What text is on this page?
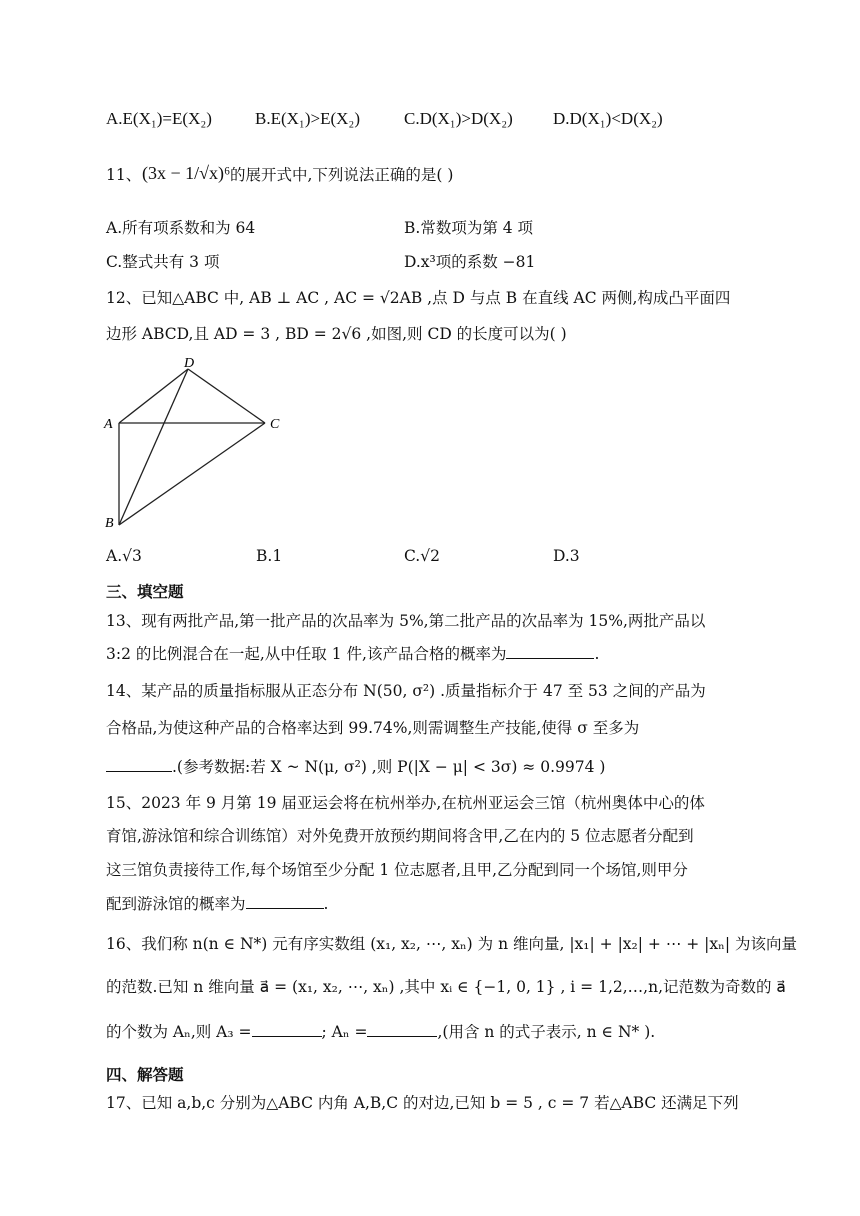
A.E(X₁)=E(X₂)	B.E(X₁)>E(X₂)	C.D(X₁)>D(X₂) D.D(X₁)<D(X₂)
11、 (3x − 1/√x)⁶ 的展开式中,下列说法正确的是( )
A.所有项系数和为 64	B.常数项为第 4 项
C.整式共有 3 项	D.x³项的系数 −81
12、已知△ABC 中, AB ⊥ AC , AC = √2AB ,点 D 与点 B 在直线 AC 两侧,构成凸平面四
边形 ABCD,且 AD = 3 , BD = 2√6 ,如图,则 CD 的长度可以为( )
D
A	C
B
A.√3	B.1	C.√2	D.3
三、填空题
13、现有两批产品,第一批产品的次品率为 5%,第二批产品的次品率为 15%,两批产品以
3:2 的比例混合在一起,从中任取 1 件,该产品合格的概率为	.
14、某产品的质量指标服从正态分布 N(50, σ²) .质量指标介于 47 至 53 之间的产品为
合格品,为使这种产品的合格率达到 99.74%,则需调整生产技能,使得 σ 至多为
.(参考数据:若 X ~ N(μ, σ²) ,则 P(|X − μ| < 3σ) ≈ 0.9974 )
15、2023 年 9 月第 19 届亚运会将在杭州举办,在杭州亚运会三馆（杭州奥体中心的体
育馆,游泳馆和综合训练馆）对外免费开放预约期间将含甲,乙在内的 5 位志愿者分配到
这三馆负责接待工作,每个场馆至少分配 1 位志愿者,且甲,乙分配到同一个场馆,则甲分
配到游泳馆的概率为	.
16、我们称 n(n ∈ N*) 元有序实数组 (x₁, x₂, ⋯, xₙ) 为 n 维向量, |x₁| + |x₂| + ⋯ + |xₙ| 为该向量
的范数.已知 n 维向量 a⃗ = (x₁, x₂, ⋯, xₙ) ,其中 xᵢ ∈ {−1, 0, 1} , i = 1,2,…,n,记范数为奇数的 a⃗
的个数为 Aₙ,则 A₃ =	; Aₙ =	,(用含 n 的式子表示, n ∈ N* ).
四、解答题
17、已知 a,b,c 分别为△ABC 内角 A,B,C 的对边,已知 b = 5 , c = 7 若△ABC 还满足下列
